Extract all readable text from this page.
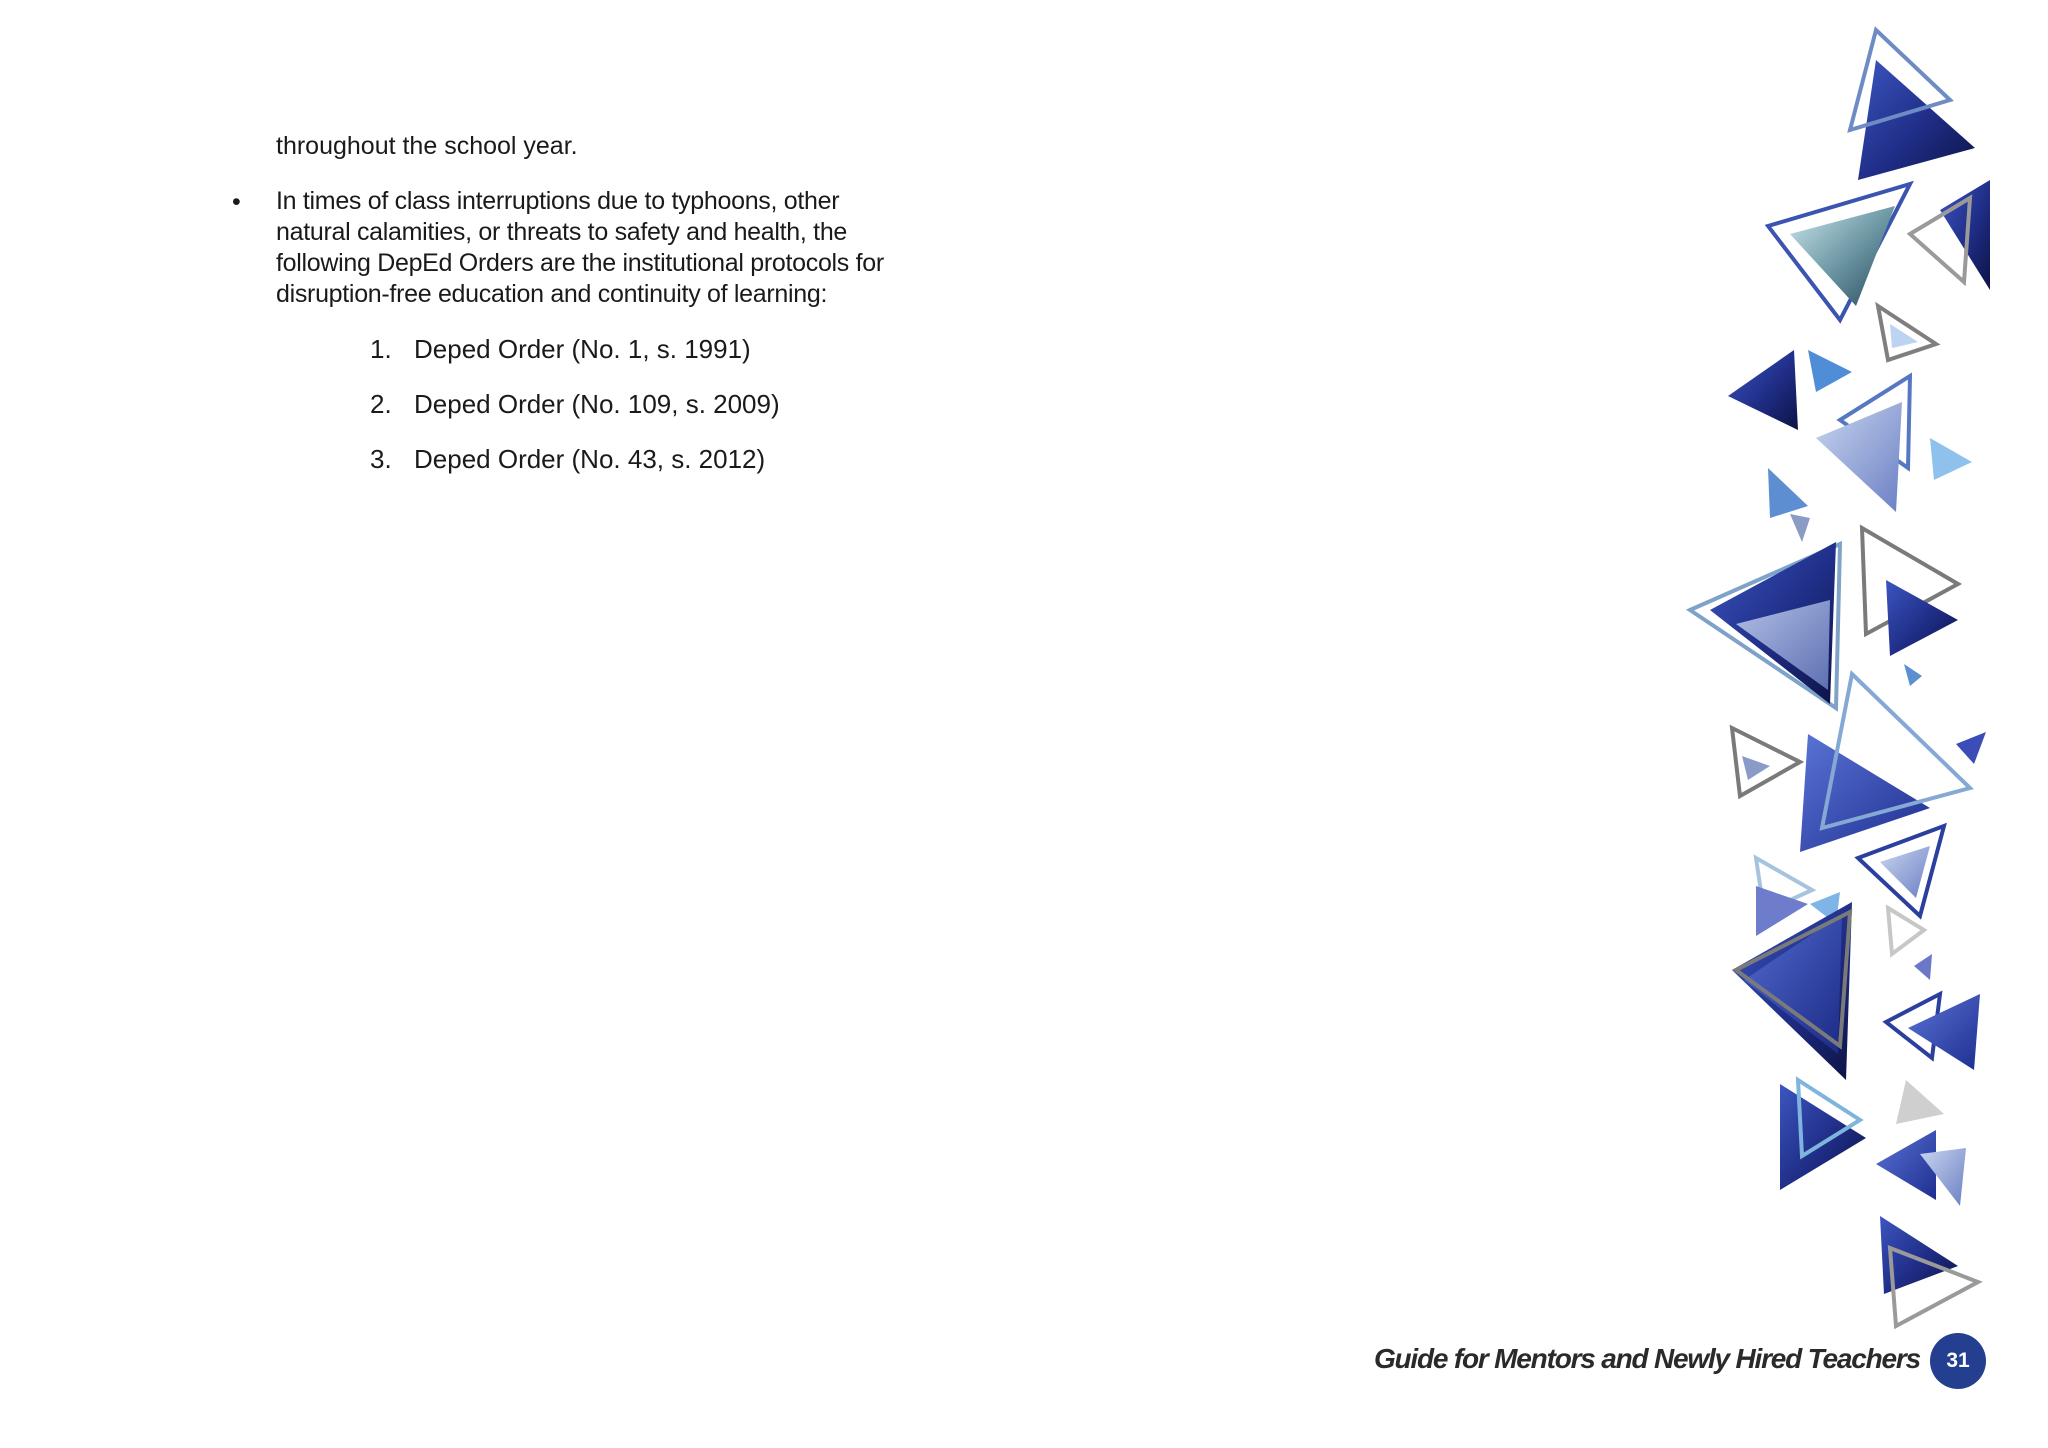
throughout the school year.

• In times of class interruptions due to typhoons, other natural calamities, or threats to safety and health, the following DepEd Orders are the institutional protocols for disruption-free education and continuity of learning:

1. Deped Order (No. 1, s. 1991)
2. Deped Order (No. 109, s. 2009)
3. Deped Order (No. 43, s. 2012)
Guide for Mentors and Newly Hired Teachers	31
